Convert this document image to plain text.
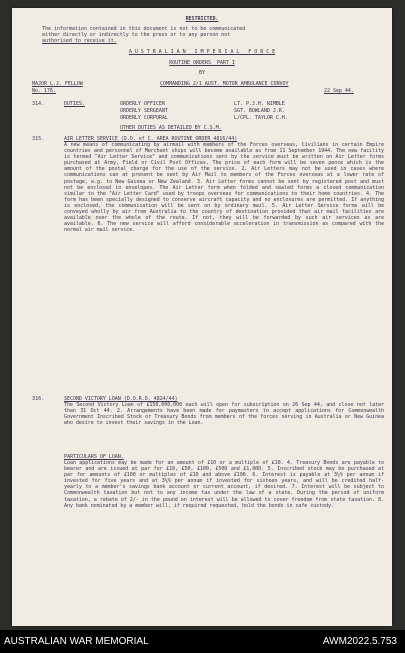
RESTRICTED.
The information contained in this document is not to be communicated
either directly or indirectly to the press or to any person not
authorised to receive it.
A U S T R A L I A N   I M P E R I A L   F O R C E
ROUTINE ORDERS  PART I
BY
MAJOR L.J. FELLOW	COMMANDING 2/1 AUST. MOTOR AMBULANCE CONVOY
No. 176.	22 Sep 44.
314.	DUTIES.	ORDERLY OFFICER	LT. P.J.H. NIMBLE
ORDERLY SERGEANT	SGT. BOWLAND J.R.
ORDERLY CORPORAL	L/CPL. TAYLOR C.H.
OTHER DUTIES AS DETAILED BY C.S.M.
315.	AIR LETTER SERVICE (D.O. of C. AREA ROUTINE ORDER 4816/44)
A new means of communicating by airmail with members of the Forces overseas, Civilians in certain Empire countries and personnel of Merchant ships will become available as from 11 September 1944. The new facility is termed "Air Letter Service" and communications sent by the service must be written on Air Letter forms purchased at Army, Field or Civil Post Offices. The price of each form will be seven pence which is the amount of the postal charge for the use of the service. 2. Air Letters may not be used in cases where communications can at present be sent by Air Mail to members of the Forces overseas at a lower rate of postage, e.g. to New Guinea or New Zealand. 3. Air Letter forms cannot be sent by registered post and must not be enclosed in envelopes. The Air Letter form when folded and sealed forms a closed communication similar to the "Air Letter Card" used by troops overseas for communications to their home countries. 4. The form has been specially designed to conserve aircraft capacity and no enclosures are permitted. If anything is enclosed, the communication will be sent on by ordinary mail. 5. Air Letter Service forms will be conveyed wholly by air from Australia to the country of destination provided that air mail facilities are available over the whole of the route. If not, they will be forwarded by such air services as are available. 6. The new service will afford considerable acceleration in transmission as compared with the normal air mail service.
316.	SECOND VICTORY LOAN (D.O.R.O. 4824/44)
The Second Victory Loan of £150,000,000 each will open for subscription on 26 Sep 44, and close not later than 31 Oct 44. 2. Arrangements have been made for paymasters to accept applications for Commonwealth Government Inscribed Stock or Treasury Bonds from members of the forces serving in Australia or New Guinea who desire to invest their savings in the Loan.
PARTICULARS OF LOAN.
Loan applications may be made for an amount of £10 or a multiple of £10. 4. Treasury Bonds are payable to bearer and are issued at par for £10, £50, £100, £500 and £1,000. 5. Inscribed stock may be purchased at par for amounts of £100 or multiples of £10 and above £100. 6. Interest is payable at 3¼% per annum if invested for five years and at 3¼% per annum if invested for sixteen years, and will be credited half-yearly to a member's savings bank account or current account, if desired. 7. Interest will be subject to Commonwealth taxation but not to any income tax under the law of a state. During the period of uniform taxation, a rebate of 2/- in the pound on interest will be allowed to cover freedom from state taxation. 8. Any bank nominated by a member will, if required requested, hold the bonds in safe custody.
AUSTRALIAN WAR MEMORIAL	AWM2022.5.753
